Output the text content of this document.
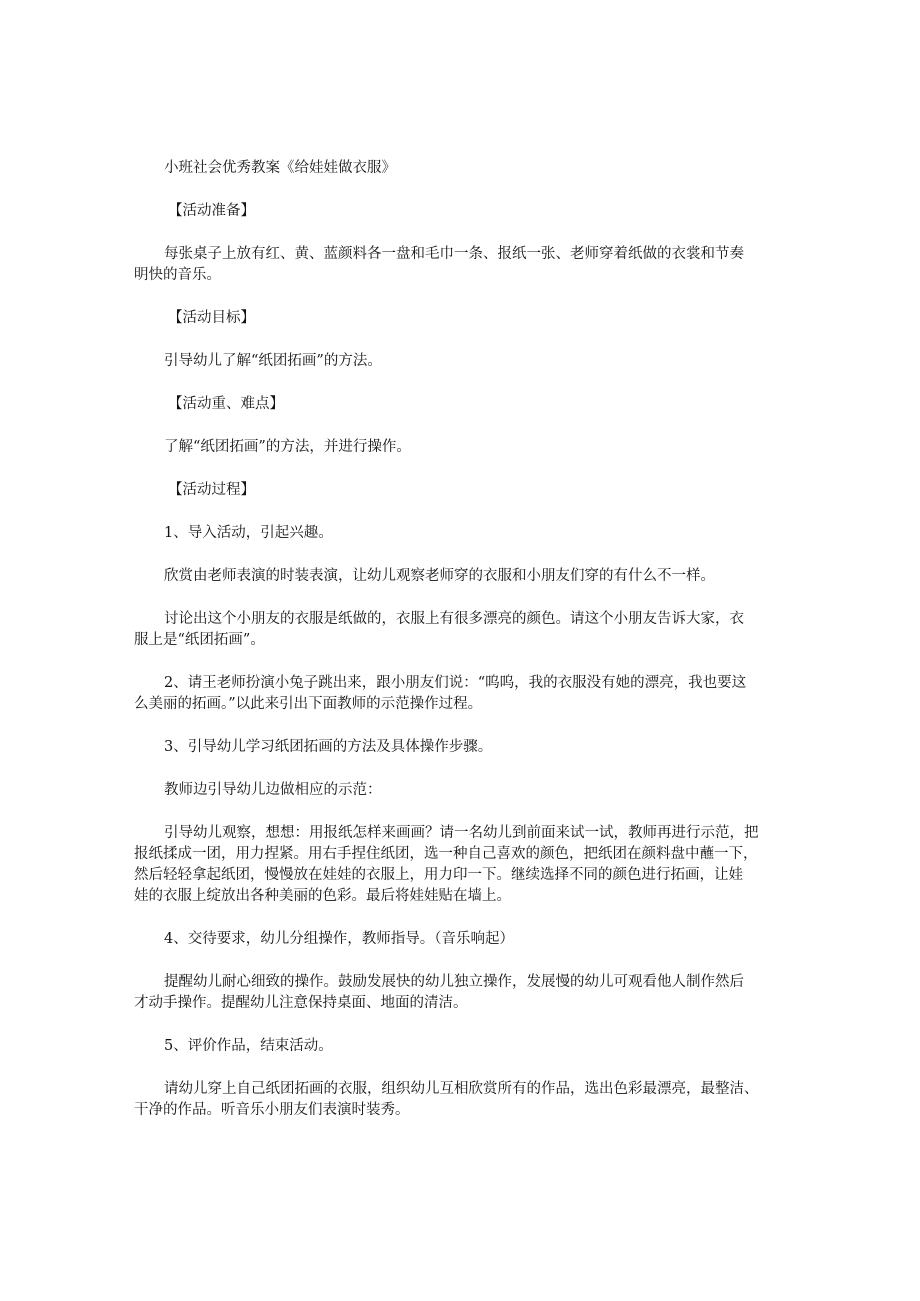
小班社会优秀教案《给娃娃做衣服》

【活动准备】

每张桌子上放有红、黄、蓝颜料各一盘和毛巾一条、报纸一张、老师穿着纸做的衣裳和节奏
明快的音乐。

【活动目标】

引导幼儿了解“纸团拓画”的方法。

【活动重、难点】

了解“纸团拓画”的方法，并进行操作。

【活动过程】

1、导入活动，引起兴趣。

欣赏由老师表演的时装表演，让幼儿观察老师穿的衣服和小朋友们穿的有什么不一样。

讨论出这个小朋友的衣服是纸做的，衣服上有很多漂亮的颜色。请这个小朋友告诉大家，衣
服上是“纸团拓画”。

2、请王老师扮演小兔子跳出来，跟小朋友们说：“呜呜，我的衣服没有她的漂亮，我也要这
么美丽的拓画。”以此来引出下面教师的示范操作过程。

3、引导幼儿学习纸团拓画的方法及具体操作步骤。

教师边引导幼儿边做相应的示范：

引导幼儿观察，想想：用报纸怎样来画画？请一名幼儿到前面来试一试，教师再进行示范，把
报纸揉成一团，用力捏紧。用右手捏住纸团，选一种自己喜欢的颜色，把纸团在颜料盘中蘸一下，
然后轻轻拿起纸团，慢慢放在娃娃的衣服上，用力印一下。继续选择不同的颜色进行拓画，让娃
娃的衣服上绽放出各种美丽的色彩。最后将娃娃贴在墙上。

4、交待要求，幼儿分组操作，教师指导。（音乐响起）

提醒幼儿耐心细致的操作。鼓励发展快的幼儿独立操作，发展慢的幼儿可观看他人制作然后
才动手操作。提醒幼儿注意保持桌面、地面的清洁。

5、评价作品，结束活动。

请幼儿穿上自己纸团拓画的衣服，组织幼儿互相欣赏所有的作品，选出色彩最漂亮，最整洁、
干净的作品。听音乐小朋友们表演时装秀。
